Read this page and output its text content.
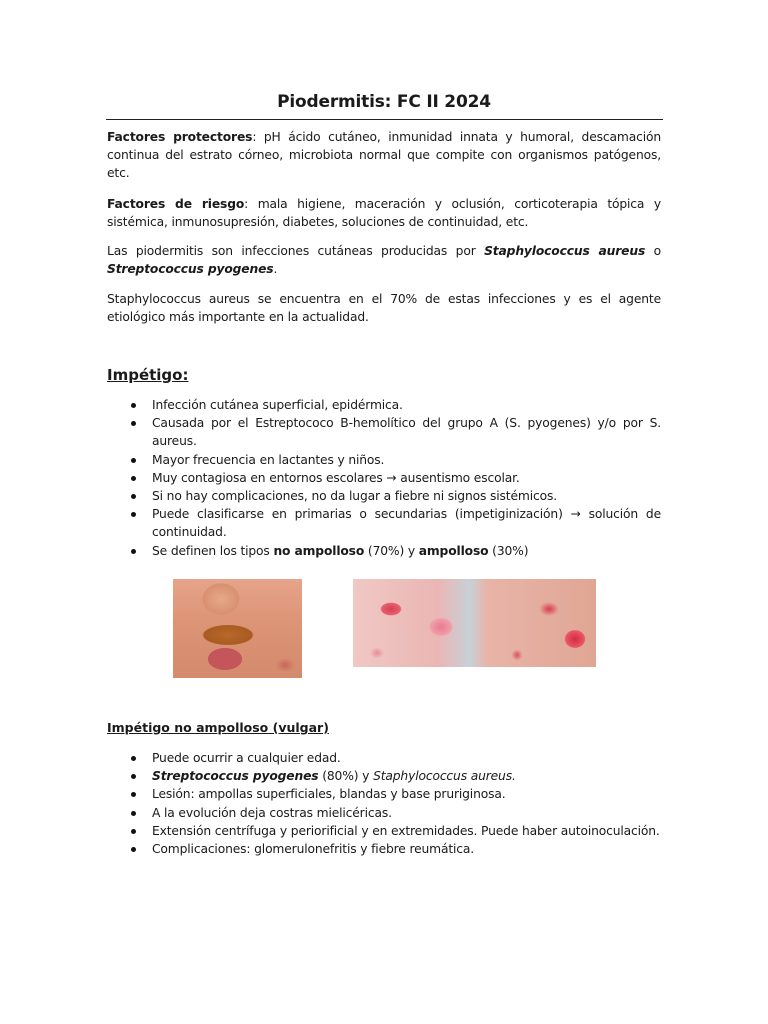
Piodermitis: FC II 2024
Factores protectores: pH ácido cutáneo, inmunidad innata y humoral, descamación continua del estrato córneo, microbiota normal que compite con organismos patógenos, etc.
Factores de riesgo: mala higiene, maceración y oclusión, corticoterapia tópica y sistémica, inmunosupresión, diabetes, soluciones de continuidad, etc.
Las piodermitis son infecciones cutáneas producidas por Staphylococcus aureus o Streptococcus pyogenes.
Staphylococcus aureus se encuentra en el 70% de estas infecciones y es el agente etiológico más importante en la actualidad.
Impétigo:
Infección cutánea superficial, epidérmica.
Causada por el Estreptococo B-hemolítico del grupo A (S. pyogenes) y/o por S. aureus.
Mayor frecuencia en lactantes y niños.
Muy contagiosa en entornos escolares → ausentismo escolar.
Si no hay complicaciones, no da lugar a fiebre ni signos sistémicos.
Puede clasificarse en primarias o secundarias (impetiginización) → solución de continuidad.
Se definen los tipos no ampolloso (70%) y ampolloso (30%)
Impétigo no ampolloso (vulgar)
Puede ocurrir a cualquier edad.
Streptococcus pyogenes (80%) y Staphylococcus aureus.
Lesión: ampollas superficiales, blandas y base pruriginosa.
A la evolución deja costras mielicéricas.
Extensión centrífuga y periorificial y en extremidades. Puede haber autoinoculación.
Complicaciones: glomerulonefritis y fiebre reumática.
